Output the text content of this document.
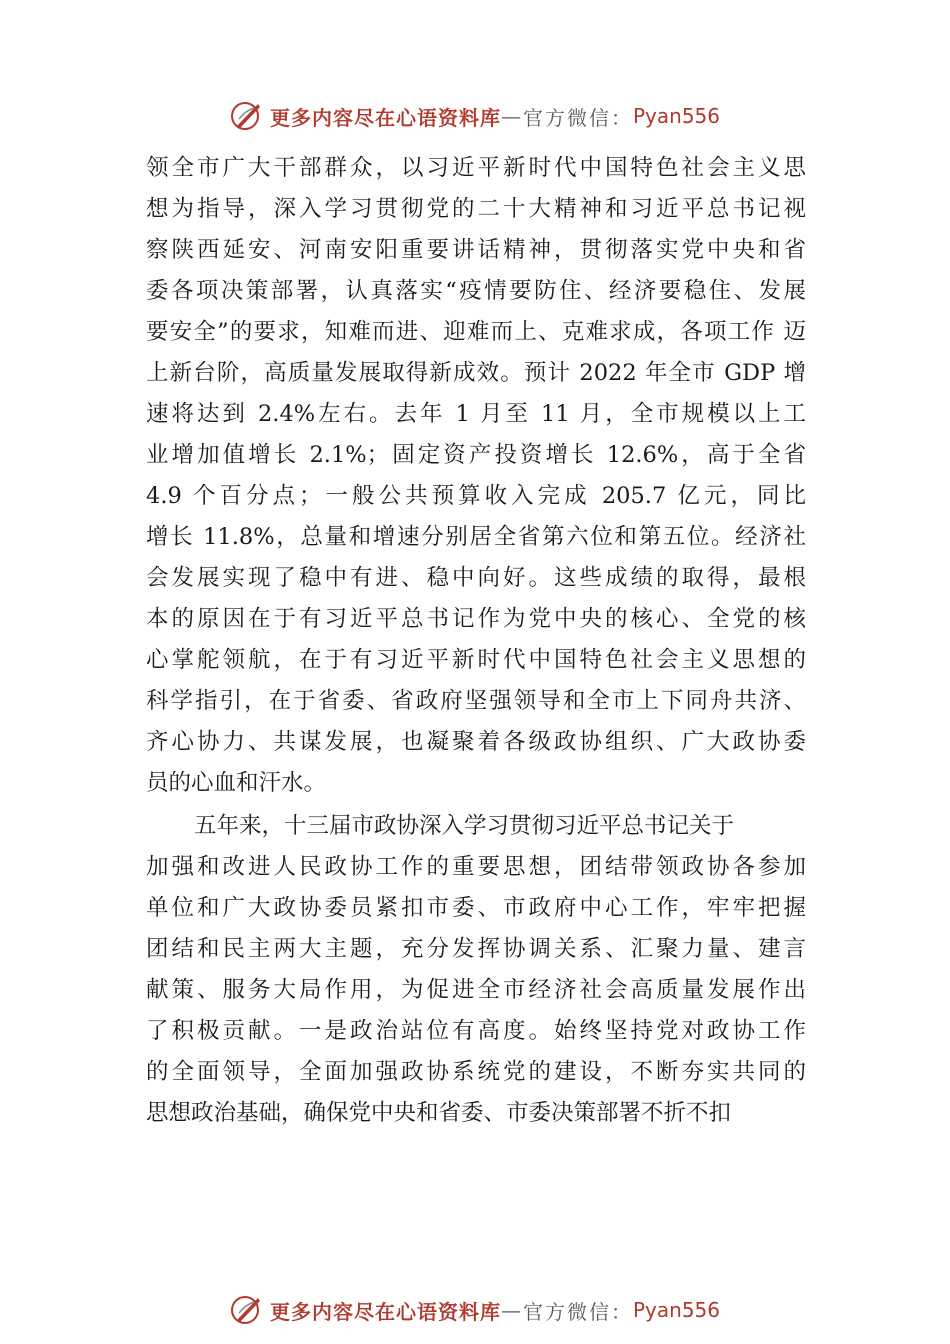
更多内容尽在心语资料库 — 官方微信： Pyan556
领全市广大干部群众，以习近平新时代中国特色社会主义思
想为指导，深入学习贯彻党的二十大精神和习近平总书记视
察陕西延安、河南安阳重要讲话精神，贯彻落实党中央和省
委各项决策部署，认真落实“疫情要防住、经济要稳住、发展
要安全”的要求，知难而进、迎难而上、克难求成，各项工作 迈
上新台阶，高质量发展取得新成效。预计 2022 年全市 GDP 增
速将达到 2.4%左右。去年 1 月至 11 月，全市规模以上工
业增加值增长 2.1%；固定资产投资增长 12.6%，高于全省
4.9 个百分点；一般公共预算收入完成 205.7 亿元，同比
增长 11.8%，总量和增速分别居全省第六位和第五位。经济社
会发展实现了稳中有进、稳中向好。这些成绩的取得，最根
本的原因在于有习近平总书记作为党中央的核心、全党的核
心掌舵领航，在于有习近平新时代中国特色社会主义思想的
科学指引，在于省委、省政府坚强领导和全市上下同舟共济、
齐心协力、共谋发展，也凝聚着各级政协组织、广大政协委
员的心血和汗水。
五年来，十三届市政协深入学习贯彻习近平总书记关于
加强和改进人民政协工作的重要思想，团结带领政协各参加
单位和广大政协委员紧扣市委、市政府中心工作，牢牢把握
团结和民主两大主题，充分发挥协调关系、汇聚力量、建言
献策、服务大局作用，为促进全市经济社会高质量发展作出
了积极贡献。一是政治站位有高度。始终坚持党对政协工作
的全面领导，全面加强政协系统党的建设，不断夯实共同的
思想政治基础，确保党中央和省委、市委决策部署不折不扣
更多内容尽在心语资料库 — 官方微信： Pyan556
